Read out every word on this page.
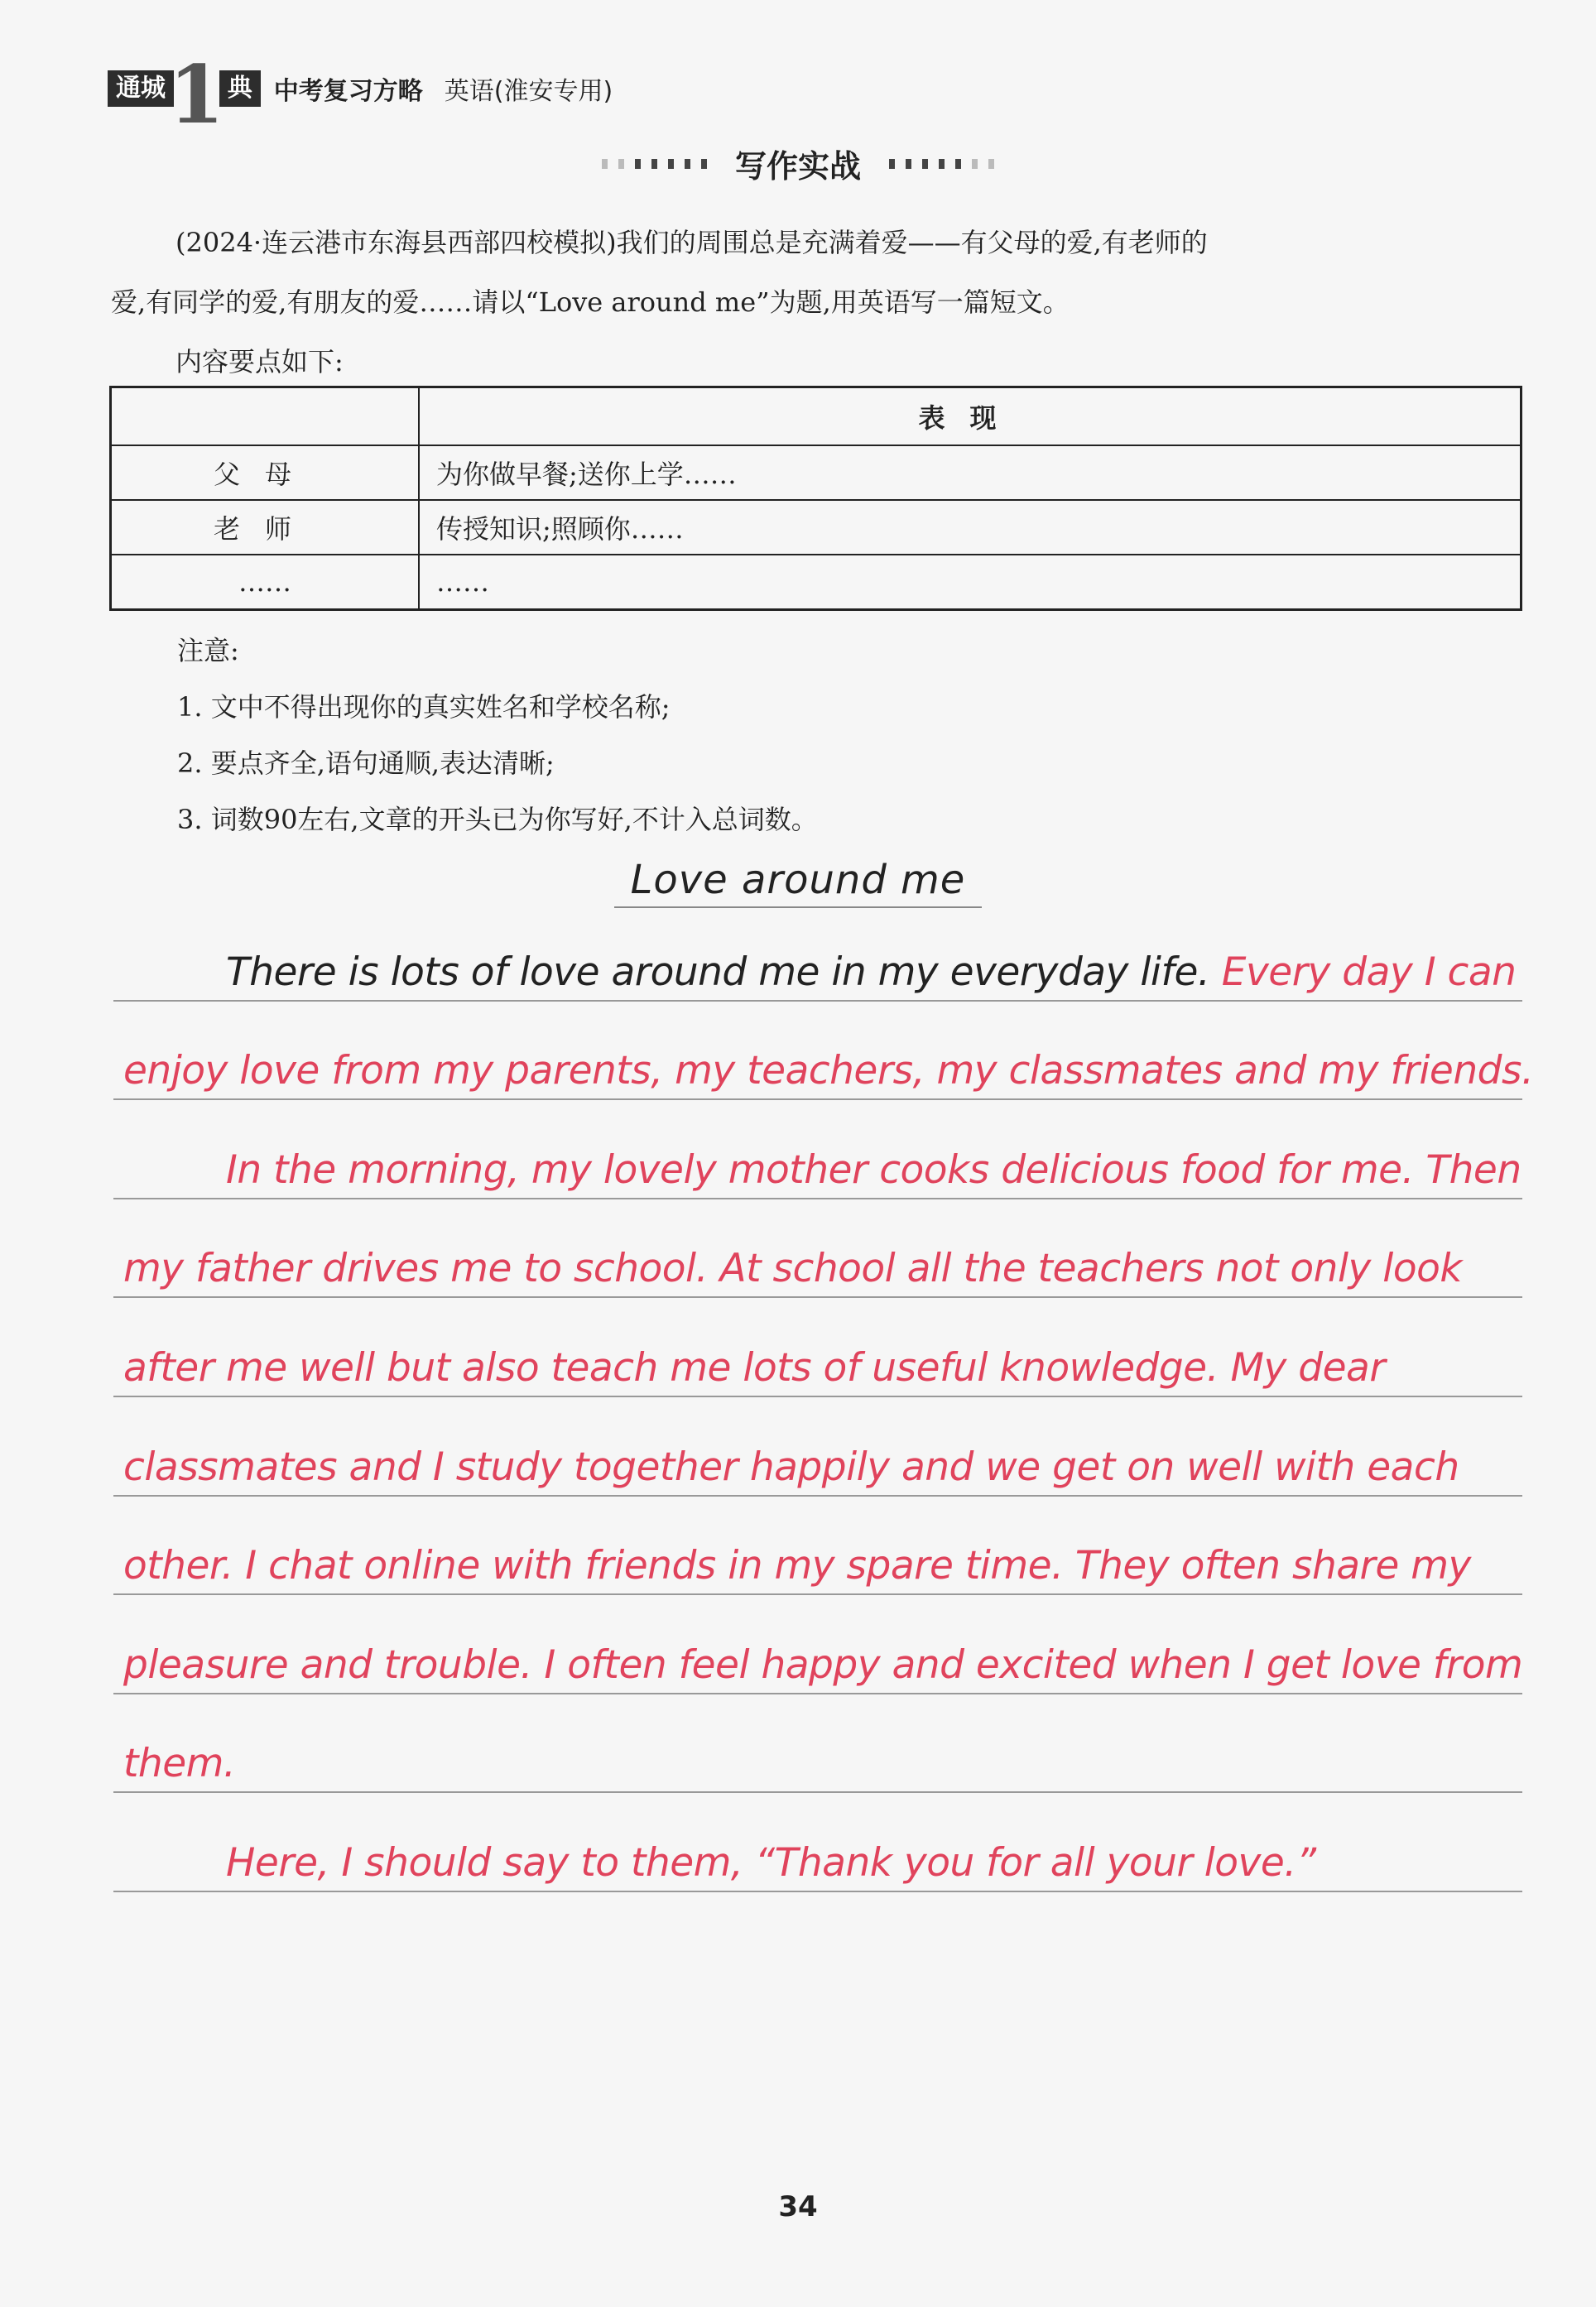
通城 1 典 中考复习方略 英语(淮安专用)
写作实战

(2024·连云港市东海县西部四校模拟)我们的周围总是充满着爱——有父母的爱,有老师的

爱,有同学的爱,有朋友的爱……请以“Love around me”为题,用英语写一篇短文。

内容要点如下:

	表现
父母	为你做早餐;送你上学……
老师	传授知识;照顾你……
……	……

注意:

1. 文中不得出现你的真实姓名和学校名称;

2. 要点齐全,语句通顺,表达清晰;

3. 词数90左右,文章的开头已为你写好,不计入总词数。

Love around me
There is lots of love around me in my everyday life. Every day I can
enjoy love from my parents, my teachers, my classmates and my friends.
In the morning, my lovely mother cooks delicious food for me. Then
my father drives me to school. At school all the teachers not only look
after me well but also teach me lots of useful knowledge. My dear
classmates and I study together happily and we get on well with each
other. I chat online with friends in my spare time. They often share my
pleasure and trouble. I often feel happy and excited when I get love from
them.
Here, I should say to them, “Thank you for all your love.”
34
